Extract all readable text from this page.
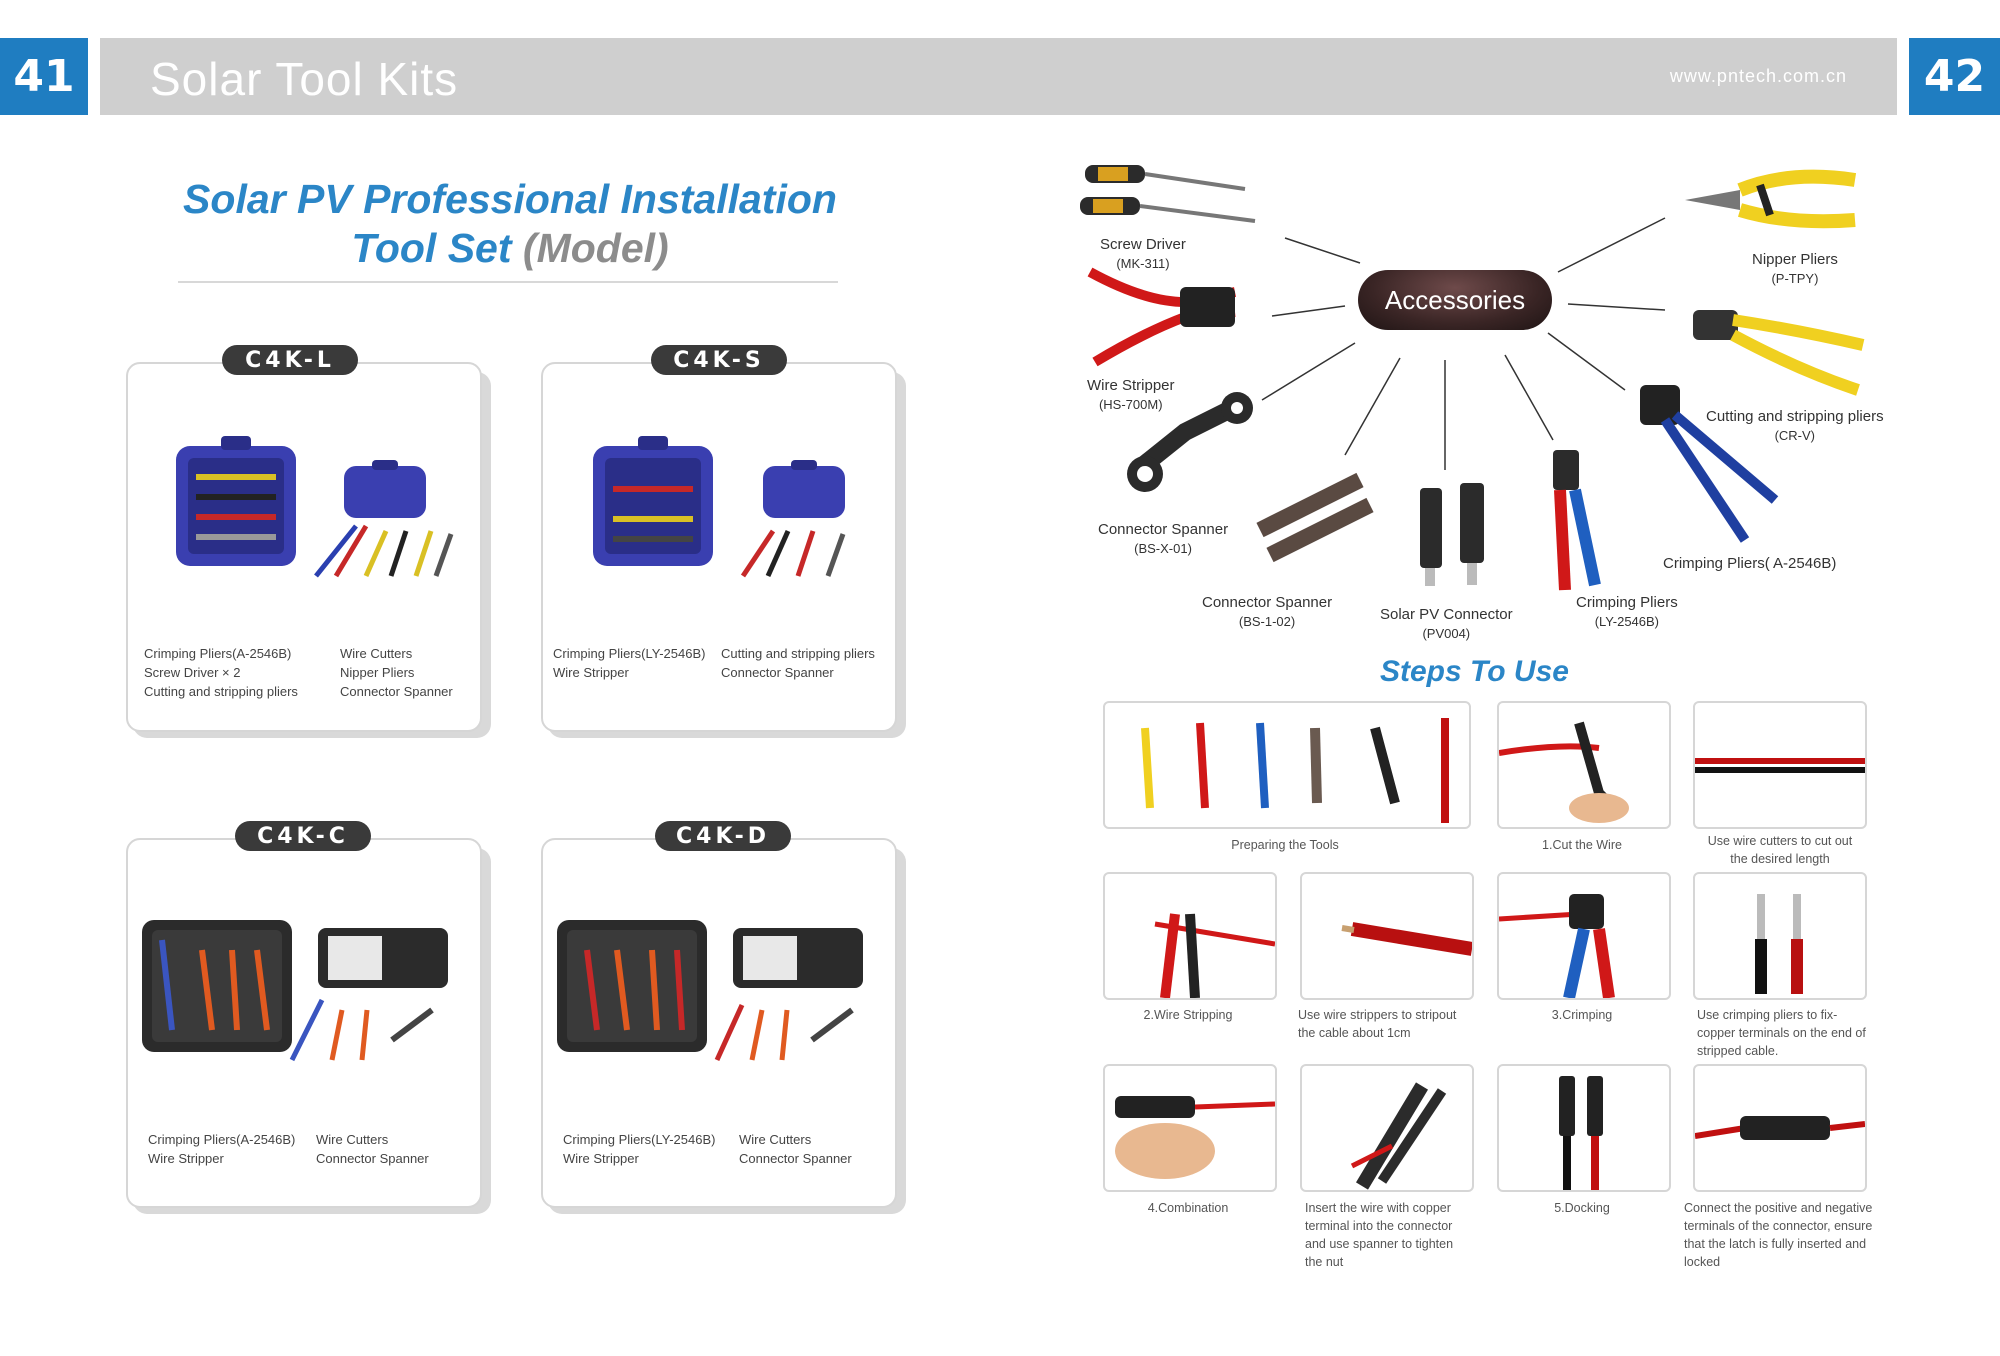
41 Solar Tool Kits	www.pntech.com.cn	42
Solar PV Professional Installation
Tool Set (Model)
Crimping Pliers(A-2546B)
Screw Driver × 2
Cutting and stripping pliers
Wire Cutters
Nipper Pliers
Connector Spanner
C4K-L
Crimping Pliers(LY-2546B)
Wire Stripper
Cutting and stripping pliers
Connector Spanner
C4K-S
Crimping Pliers(A-2546B)
Wire Stripper
Wire Cutters
Connector Spanner
C4K-C
Crimping Pliers(LY-2546B)
Wire Stripper
Wire Cutters
Connector Spanner
C4K-D
Accessories
Screw Driver
(MK-311)	Nipper Pliers
(P-TPY)
Wire Stripper
(HS-700M)
Cutting and stripping pliers
(CR-V)
Connector Spanner
(BS-X-01)
Crimping Pliers( A-2546B)
Connector Spanner
(BS-1-02)	Solar PV Connector
(PV004)
Crimping Pliers
(LY-2546B)
Steps To Use
Preparing the Tools	1.Cut the Wire	Use wire cutters to cut out the desired length
2.Wire Stripping	Use wire strippers to stripout the cable about 1cm
3.Crimping	Use crimping pliers to fix-copper terminals on the end of stripped cable.
4.Combination	Insert the wire with copper terminal into the connector and use spanner to tighten the nut
5.Docking	Connect the positive and negative terminals of the connector, ensure that the latch is fully inserted and locked
